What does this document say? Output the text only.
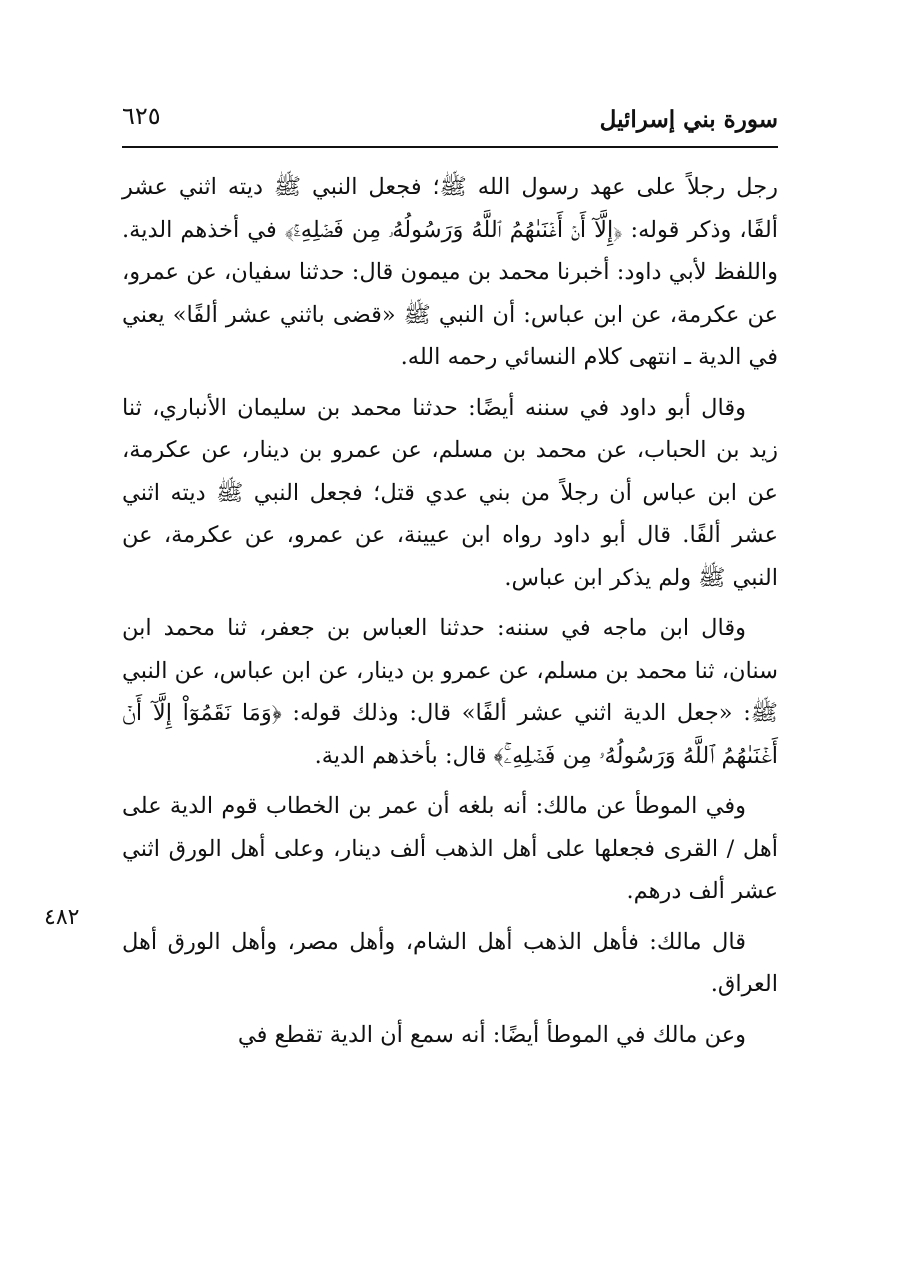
سورة بني إسرائيل
٦٢٥

رجل رجلاً على عهد رسول الله ﷺ؛ فجعل النبي ﷺ ديته اثني عشر ألفًا، وذكر قوله: ﴿إِلَّآ أَنۡ أَغۡنَىٰهُمُ ٱللَّهُ وَرَسُولُهُۥ مِن فَضۡلِهِۦۚ﴾ في أخذهم الدية. واللفظ لأبي داود: أخبرنا محمد بن ميمون قال: حدثنا سفيان، عن عمرو، عن عكرمة، عن ابن عباس: أن النبي ﷺ «قضى باثني عشر ألفًا» يعني في الدية ـ انتهى كلام النسائي رحمه الله.

وقال أبو داود في سننه أيضًا: حدثنا محمد بن سليمان الأنباري، ثنا زيد بن الحباب، عن محمد بن مسلم، عن عمرو بن دينار، عن عكرمة، عن ابن عباس أن رجلاً من بني عدي قتل؛ فجعل النبي ﷺ ديته اثني عشر ألفًا. قال أبو داود رواه ابن عيينة، عن عمرو، عن عكرمة، عن النبي ﷺ ولم يذكر ابن عباس.

وقال ابن ماجه في سننه: حدثنا العباس بن جعفر، ثنا محمد ابن سنان، ثنا محمد بن مسلم، عن عمرو بن دينار، عن ابن عباس، عن النبي ﷺ: «جعل الدية اثني عشر ألفًا» قال: وذلك قوله: ﴿وَمَا نَقَمُوٓاْ إِلَّآ أَنۡ أَغۡنَىٰهُمُ ٱللَّهُ وَرَسُولُهُۥ مِن فَضۡلِهِۦۚ﴾ قال: بأخذهم الدية.

وفي الموطأ عن مالك: أنه بلغه أن عمر بن الخطاب قوم الدية على أهل / القرى فجعلها على أهل الذهب ألف دينار، وعلى أهل الورق اثني عشر ألف درهم.

قال مالك: فأهل الذهب أهل الشام، وأهل مصر، وأهل الورق أهل العراق.

وعن مالك في الموطأ أيضًا: أنه سمع أن الدية تقطع في

٤٨٢
